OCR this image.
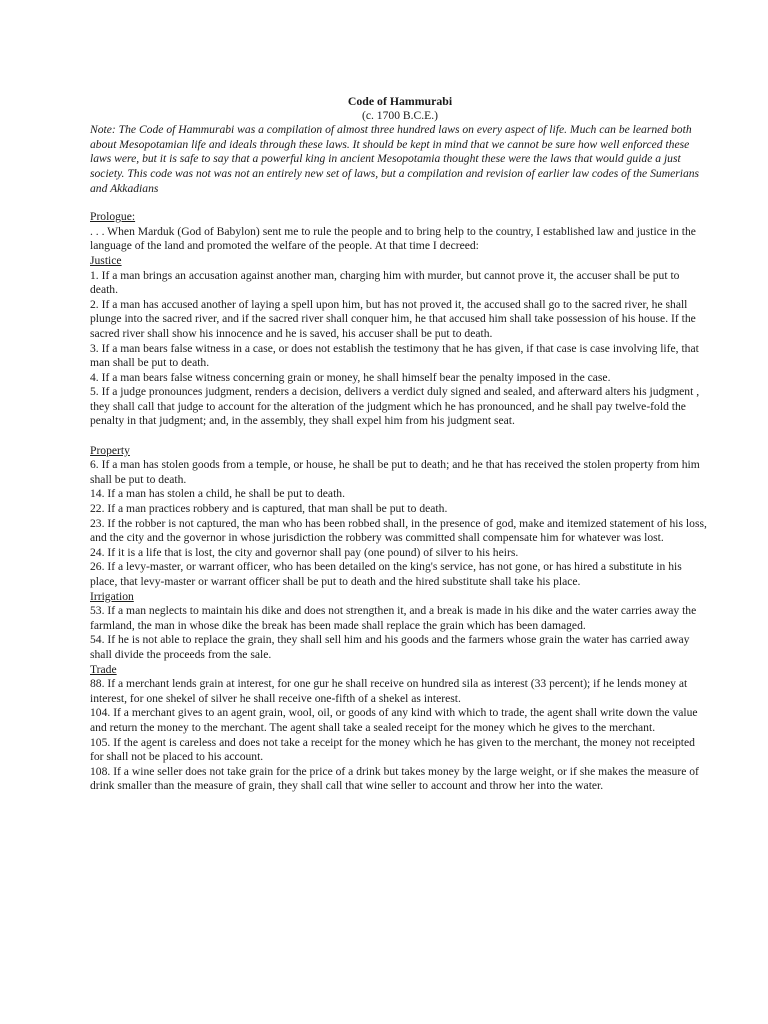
Code of Hammurabi
(c. 1700 B.C.E.)

Note: The Code of Hammurabi was a compilation of almost three hundred laws on every aspect of life. Much can be learned both about Mesopotamian life and ideals through these laws. It should be kept in mind that we cannot be sure how well enforced these laws were, but it is safe to say that a powerful king in ancient Mesopotamia thought these were the laws that would guide a just society. This code was not was not an entirely new set of laws, but a compilation and revision of earlier law codes of the Sumerians and Akkadians

Prologue:

. . . When Marduk (God of Babylon) sent me to rule the people and to bring help to the country, I established law and justice in the language of the land and promoted the welfare of the people. At that time I decreed:

Justice

1. If a man brings an accusation against another man, charging him with murder, but cannot prove it, the accuser shall be put to death.

2. If a man has accused another of laying a spell upon him, but has not proved it, the accused shall go to the sacred river, he shall plunge into the sacred river, and if the sacred river shall conquer him, he that accused him shall take possession of his house. If the sacred river shall show his innocence and he is saved, his accuser shall be put to death.

3. If a man bears false witness in a case, or does not establish the testimony that he has given, if that case is case involving life, that man shall be put to death.

4. If a man bears false witness concerning grain or money, he shall himself bear the penalty imposed in the case.

5. If a judge pronounces judgment, renders a decision, delivers a verdict duly signed and sealed, and afterward alters his judgment , they shall call that judge to account for the alteration of the judgment which he has pronounced, and he shall pay twelve-fold the penalty in that judgment; and, in the assembly, they shall expel him from his judgment seat.

Property

6. If a man has stolen goods from a temple, or house, he shall be put to death; and he that has received the stolen property from him shall be put to death.

14. If a man has stolen a child, he shall be put to death.

22. If a man practices robbery and is captured, that man shall be put to death.

23. If the robber is not captured, the man who has been robbed shall, in the presence of god, make and itemized statement of his loss, and the city and the governor in whose jurisdiction the robbery was committed shall compensate him for whatever was lost.

24. If it is a life that is lost, the city and governor shall pay (one pound) of silver to his heirs.

26. If a levy-master, or warrant officer, who has been detailed on the king's service, has not gone, or has hired a substitute in his place, that levy-master or warrant officer shall be put to death and the hired substitute shall take his place.

Irrigation

53. If a man neglects to maintain his dike and does not strengthen it, and a break is made in his dike and the water carries away the farmland, the man in whose dike the break has been made shall replace the grain which has been damaged.

54. If he is not able to replace the grain, they shall sell him and his goods and the farmers whose grain the water has carried away shall divide the proceeds from the sale.

Trade

88. If a merchant lends grain at interest, for one gur he shall receive on hundred sila as interest (33 percent); if he lends money at interest, for one shekel of silver he shall receive one-fifth of a shekel as interest.

104. If a merchant gives to an agent grain, wool, oil, or goods of any kind with which to trade, the agent shall write down the value and return the money to the merchant. The agent shall take a sealed receipt for the money which he gives to the merchant.

105. If the agent is careless and does not take a receipt for the money which he has given to the merchant, the money not receipted for shall not be placed to his account.

108. If a wine seller does not take grain for the price of a drink but takes money by the large weight, or if she makes the measure of drink smaller than the measure of grain, they shall call that wine seller to account and throw her into the water.
